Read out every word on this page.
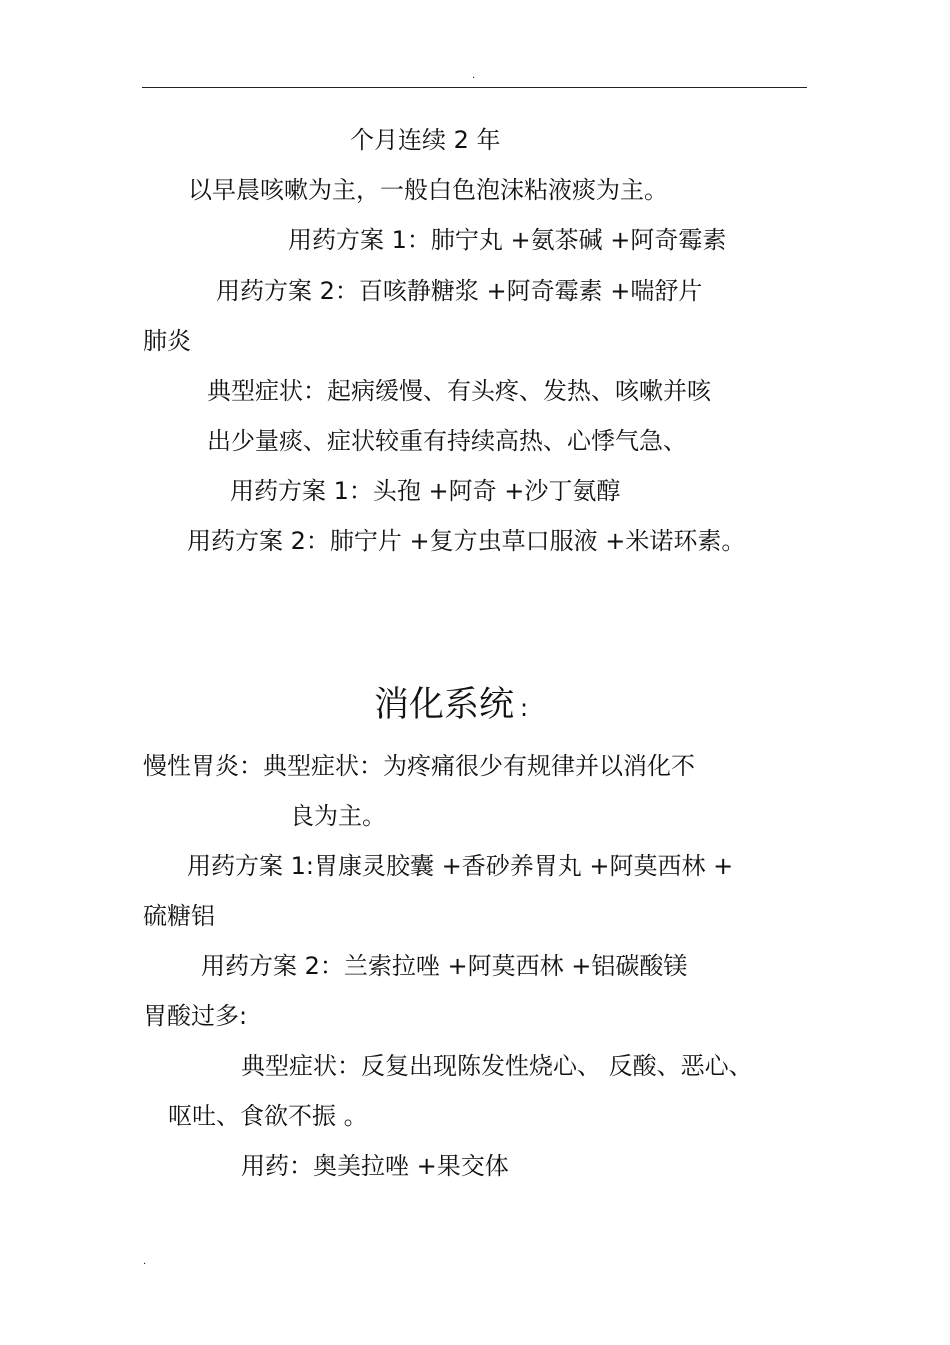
.
个月连续 2 年
以早晨咳嗽为主，一般白色泡沫粘液痰为主。
用药方案 1：肺宁丸 +氨茶碱 +阿奇霉素
用药方案 2：百咳静糖浆 +阿奇霉素 +喘舒片
肺炎
典型症状：起病缓慢、有头疼、发热、咳嗽并咳
出少量痰、症状较重有持续高热、心悸气急、
用药方案 1：头孢 +阿奇 +沙丁氨醇
用药方案 2：肺宁片 +复方虫草口服液 +米诺环素。
消化系统 :
慢性胃炎：典型症状：为疼痛很少有规律并以消化不
良为主。
用药方案 1:胃康灵胶囊 +香砂养胃丸 +阿莫西林 +
硫糖铝
用药方案 2：兰索拉唑 +阿莫西林 +铝碳酸镁
胃酸过多:
典型症状：反复出现陈发性烧心、 反酸、恶心、
呕吐、食欲不振 。
用药：奥美拉唑 +果交体
.
